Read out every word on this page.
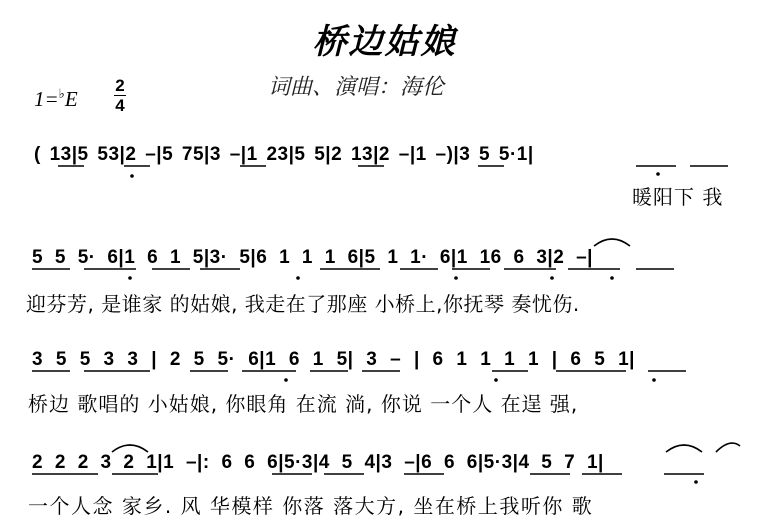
桥边姑娘
词曲、演唱：海伦
1=♭E
2
4
( 13|5 53|2 –|5 75|3 –|1 23|5 5|2 13|2 –|1 –)|3 5 5·1|
暖阳下 我
5 5 5· 6|1 6 1 5|3· 5|6 1 1 1 6|5 1 1· 6|1 16 6 3|2 –|
迎芬芳, 是谁家 的姑娘, 我走在了那座 小桥上,你抚琴 奏忧伤.
3 5 5 3 3 | 2 5 5· 6|1 6 1 5| 3 – | 6 1 1 1 1 | 6 5 1|
桥边 歌唱的 小姑娘, 你眼角 在流 淌, 你说 一个人 在逞 强,
2 2 2 3 2 1|1 –|: 6 6 6|5·3|4 5 4|3 –|6 6 6|5·3|4 5 7 1|
一个人念 家乡. 风 华模样 你落 落大方, 坐在桥上我听你 歌
